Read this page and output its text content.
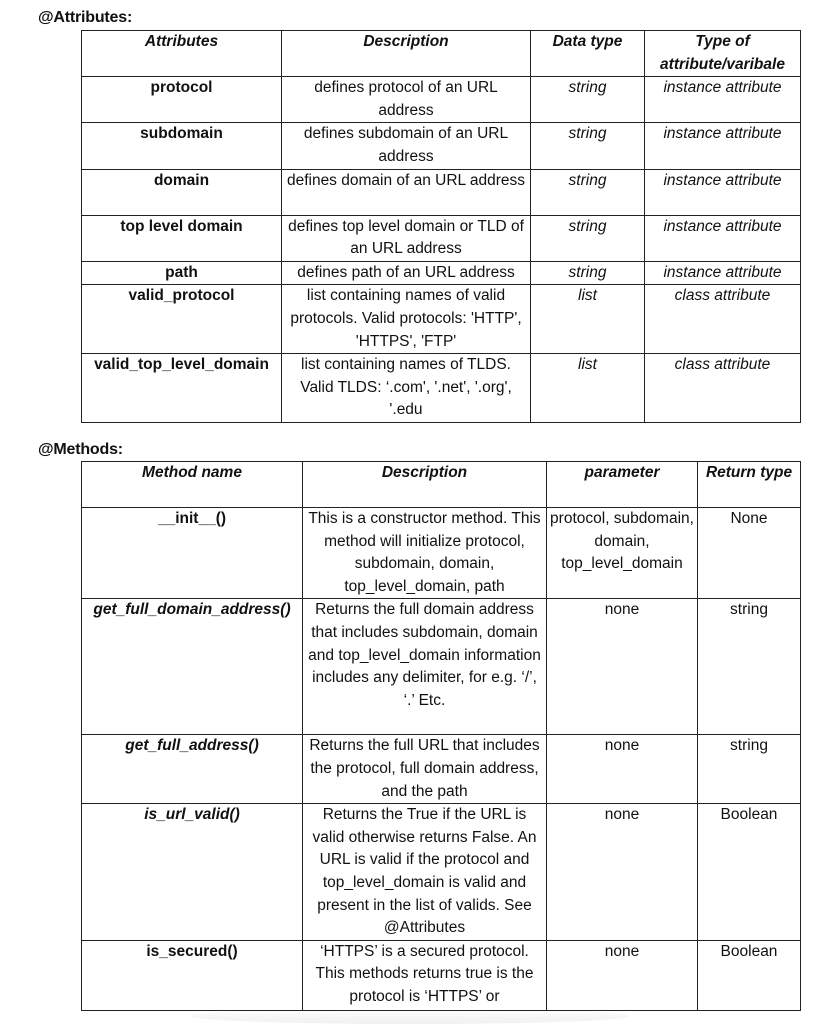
@Attributes:
Attributes	Description	Data type	Type of attribute/varibale
protocol	defines protocol of an URL address	string	instance attribute
subdomain	defines subdomain of an URL address	string	instance attribute
domain	defines domain of an URL address	string	instance attribute
top level domain	defines top level domain or TLD of an URL address	string	instance attribute
path	defines path of an URL address	string	instance attribute
valid_protocol	list containing names of valid protocols. Valid protocols: 'HTTP', 'HTTPS', 'FTP'	list	class attribute
valid_top_level_domain	list containing names of TLDS. Valid TLDS: ‘.com', '.net', '.org', '.edu	list	class attribute
@Methods:
Method name	Description	parameter	Return type
__init__()	This is a constructor method. This method will initialize protocol, subdomain, domain, top_level_domain, path	protocol, subdomain, domain, top_level_domain	None
get_full_domain_address()	Returns the full domain address that includes subdomain, domain and top_level_domain information includes any delimiter, for e.g. ‘/’, ‘.’ Etc.	none	string
get_full_address()	Returns the full URL that includes the protocol, full domain address, and the path	none	string
is_url_valid()	Returns the True if the URL is valid otherwise returns False. An URL is valid if the protocol and top_level_domain is valid and present in the list of valids. See @Attributes	none	Boolean
is_secured()	‘HTTPS’ is a secured protocol. This methods returns true is the protocol is ‘HTTPS’ or	none	Boolean
